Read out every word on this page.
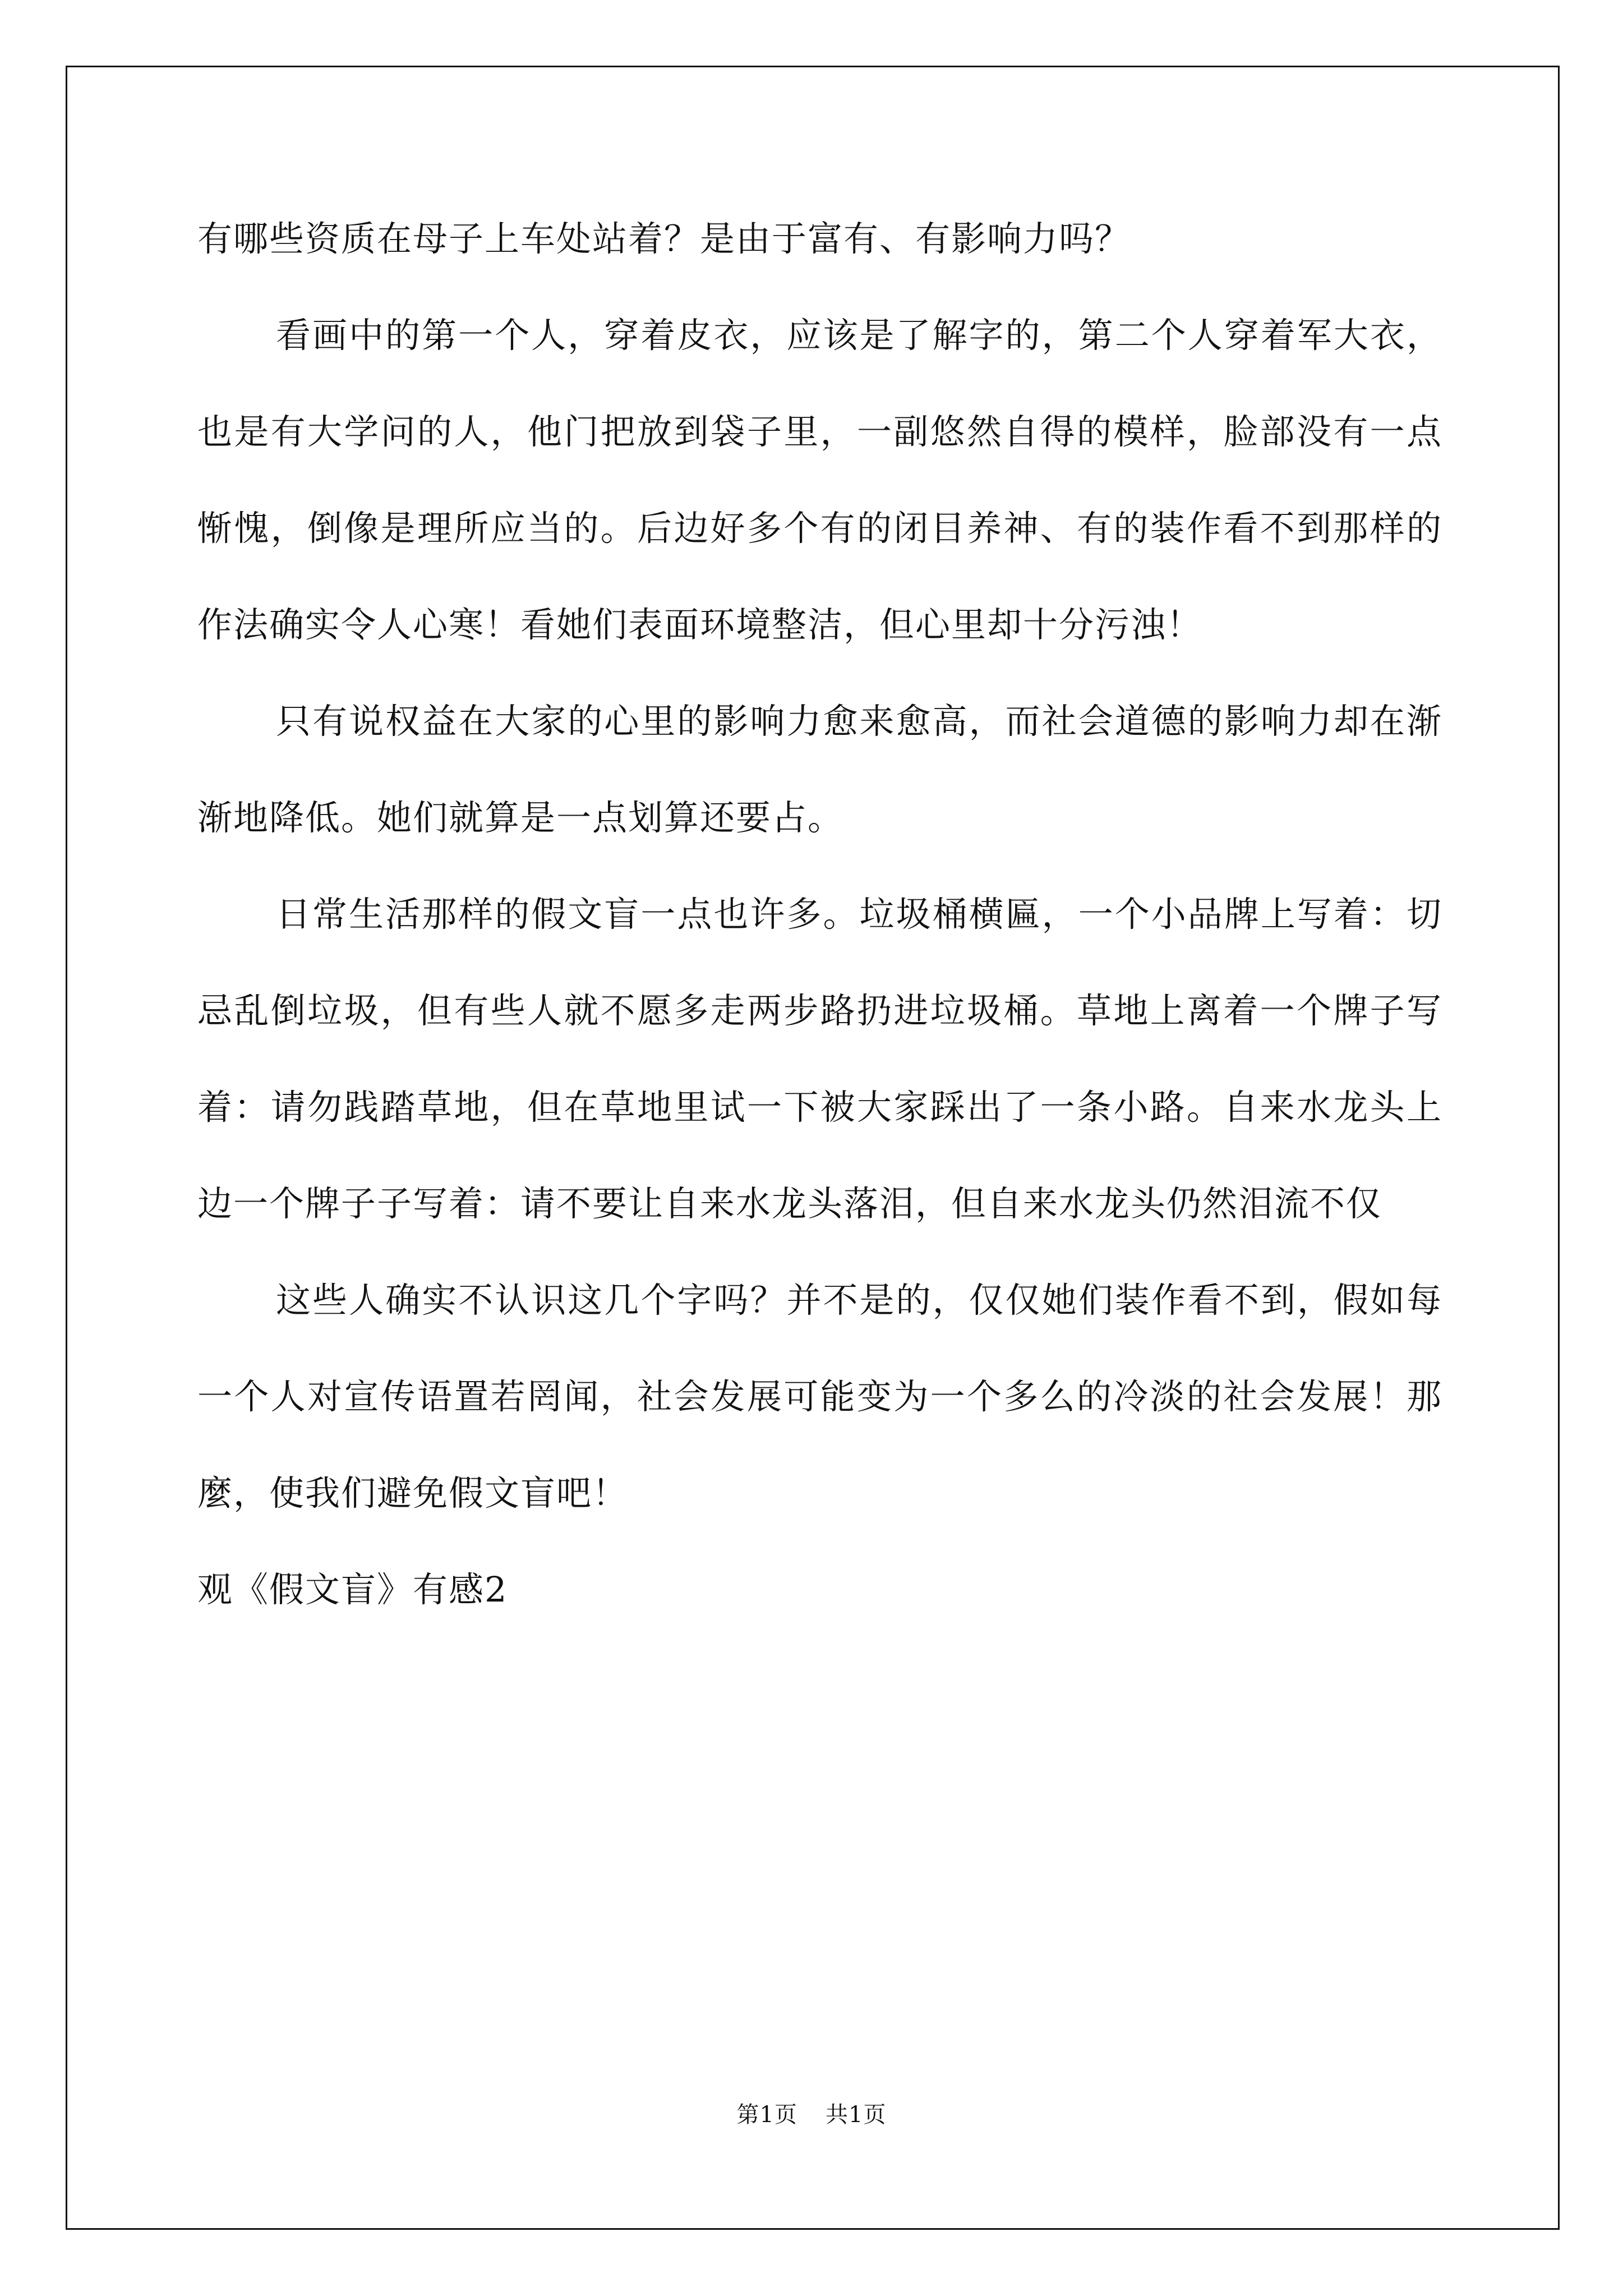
有哪些资质在母子上车处站着？是由于富有、有影响力吗？

看画中的第一个人，穿着皮衣，应该是了解字的，第二个人穿着军大衣，也是有大学问的人，他门把放到袋子里，一副悠然自得的模样，脸部没有一点惭愧，倒像是理所应当的。后边好多个有的闭目养神、有的装作看不到那样的作法确实令人心寒！看她们表面环境整洁，但心里却十分污浊！

只有说权益在大家的心里的影响力愈来愈高，而社会道德的影响力却在渐渐地降低。她们就算是一点划算还要占。

日常生活那样的假文盲一点也许多。垃圾桶横匾，一个小品牌上写着：切忌乱倒垃圾，但有些人就不愿多走两步路扔进垃圾桶。草地上离着一个牌子写着：请勿践踏草地，但在草地里试一下被大家踩出了一条小路。自来水龙头上边一个牌子子写着：请不要让自来水龙头落泪，但自来水龙头仍然泪流不仅

这些人确实不认识这几个字吗？并不是的，仅仅她们装作看不到，假如每一个人对宣传语置若罔闻，社会发展可能变为一个多么的冷淡的社会发展！那麼，使我们避免假文盲吧！

观《假文盲》有感2
第1页 共1页
